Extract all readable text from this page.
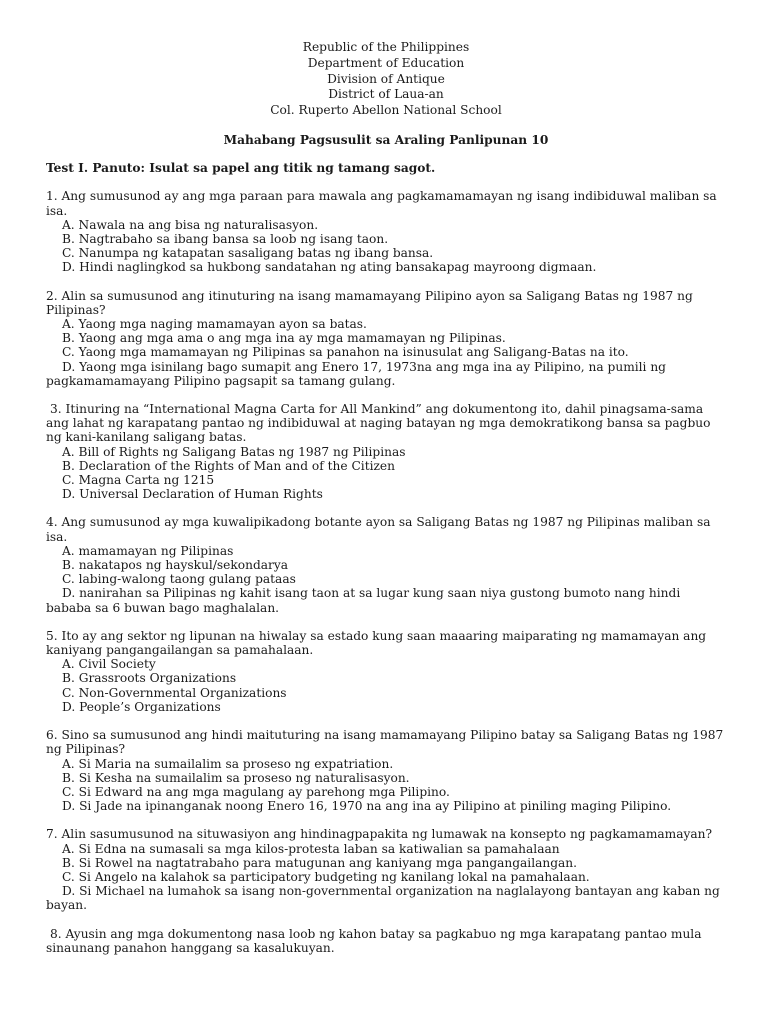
Republic of the Philippines
Department of Education
Division of Antique
District of Laua-an
Col. Ruperto Abellon National School
Mahabang Pagsusulit sa Araling Panlipunan 10
Test I. Panuto: Isulat sa papel ang titik ng tamang sagot.
1. Ang sumusunod ay ang mga paraan para mawala ang pagkamamamayan ng isang indibiduwal maliban sa isa.
A. Nawala na ang bisa ng naturalisasyon.
B. Nagtrabaho sa ibang bansa sa loob ng isang taon.
C. Nanumpa ng katapatan sasaligang batas ng ibang bansa.
D. Hindi naglingkod sa hukbong sandatahan ng ating bansakapag mayroong digmaan.
2. Alin sa sumusunod ang itinuturing na isang mamamayang Pilipino ayon sa Saligang Batas ng 1987 ng Pilipinas?
A. Yaong mga naging mamamayan ayon sa batas.
B. Yaong ang mga ama o ang mga ina ay mga mamamayan ng Pilipinas.
C. Yaong mga mamamayan ng Pilipinas sa panahon na isinusulat ang Saligang-Batas na ito.
D. Yaong mga isinilang bago sumapit ang Enero 17, 1973na ang mga ina ay Pilipino, na pumili ng pagkamamamayang Pilipino pagsapit sa tamang gulang.
3. Itinuring na “International Magna Carta for All Mankind” ang dokumentong ito, dahil pinagsama-sama ang lahat ng karapatang pantao ng indibiduwal at naging batayan ng mga demokratikong bansa sa pagbuo ng kani-kanilang saligang batas.
A. Bill of Rights ng Saligang Batas ng 1987 ng Pilipinas
B. Declaration of the Rights of Man and of the Citizen
C. Magna Carta ng 1215
D. Universal Declaration of Human Rights
4. Ang sumusunod ay mga kuwalipikadong botante ayon sa Saligang Batas ng 1987 ng Pilipinas maliban sa isa.
A. mamamayan ng Pilipinas
B. nakatapos ng hayskul/sekondarya
C. labing-walong taong gulang pataas
D. nanirahan sa Pilipinas ng kahit isang taon at sa lugar kung saan niya gustong bumoto nang hindi bababa sa 6 buwan bago maghalalan.
5. Ito ay ang sektor ng lipunan na hiwalay sa estado kung saan maaaring maiparating ng mamamayan ang kaniyang pangangailangan sa pamahalaan.
A. Civil Society
B. Grassroots Organizations
C. Non-Governmental Organizations
D. People’s Organizations
6. Sino sa sumusunod ang hindi maituturing na isang mamamayang Pilipino batay sa Saligang Batas ng 1987 ng Pilipinas?
A. Si Maria na sumailalim sa proseso ng expatriation.
B. Si Kesha na sumailalim sa proseso ng naturalisasyon.
C. Si Edward na ang mga magulang ay parehong mga Pilipino.
D. Si Jade na ipinanganak noong Enero 16, 1970 na ang ina ay Pilipino at piniling maging Pilipino.
7. Alin sasumusunod na situwasiyon ang hindinagpapakita ng lumawak na konsepto ng pagkamamamayan?
A. Si Edna na sumasali sa mga kilos-protesta laban sa katiwalian sa pamahalaan
B. Si Rowel na nagtatrabaho para matugunan ang kaniyang mga pangangailangan.
C. Si Angelo na kalahok sa participatory budgeting ng kanilang lokal na pamahalaan.
D. Si Michael na lumahok sa isang non-governmental organization na naglalayong bantayan ang kaban ng bayan.
8. Ayusin ang mga dokumentong nasa loob ng kahon batay sa pagkabuo ng mga karapatang pantao mula sinaunang panahon hanggang sa kasalukuyan.
